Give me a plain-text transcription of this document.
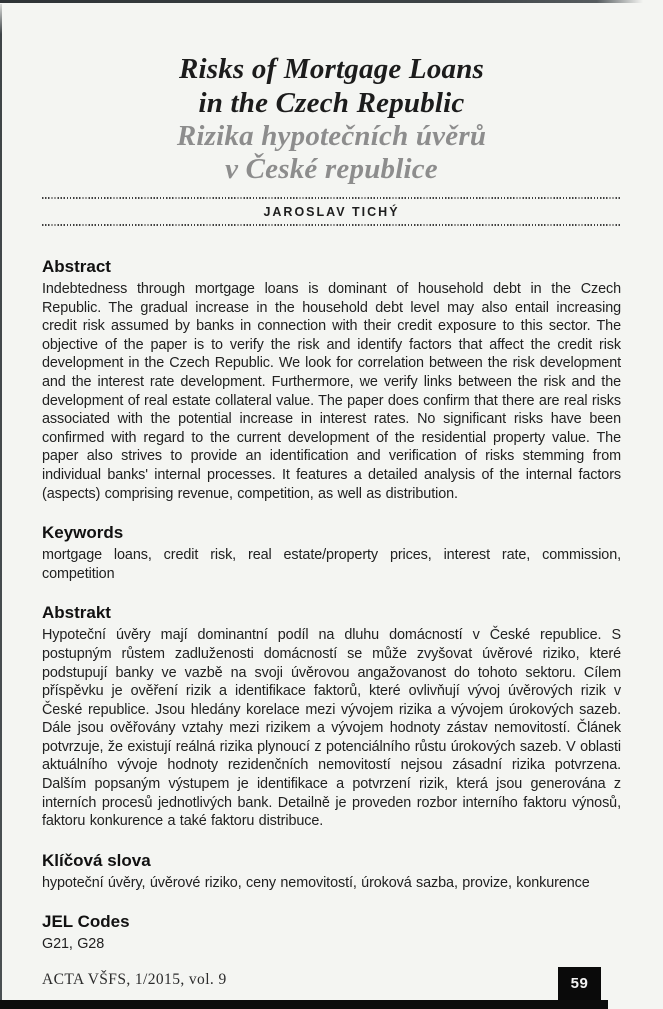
Risks of Mortgage Loans
in the Czech Republic
Rizika hypotečních úvěrů
v České republice
JAROSLAV TICHÝ
Abstract
Indebtedness through mortgage loans is dominant of household debt in the Czech Republic. The gradual increase in the household debt level may also entail increasing credit risk assumed by banks in connection with their credit exposure to this sector. The objective of the paper is to verify the risk and identify factors that affect the credit risk development in the Czech Republic. We look for correlation between the risk development and the interest rate development. Furthermore, we verify links between the risk and the development of real estate collateral value. The paper does confirm that there are real risks associated with the potential increase in interest rates. No significant risks have been confirmed with regard to the current development of the residential property value. The paper also strives to provide an identification and verification of risks stemming from individual banks' internal processes. It features a detailed analysis of the internal factors (aspects) comprising revenue, competition, as well as distribution.
Keywords
mortgage loans, credit risk, real estate/property prices, interest rate, commission, competition
Abstrakt
Hypoteční úvěry mají dominantní podíl na dluhu domácností v České republice. S postupným růstem zadluženosti domácností se může zvyšovat úvěrové riziko, které podstupují banky ve vazbě na svoji úvěrovou angažovanost do tohoto sektoru. Cílem příspěvku je ověření rizik a identifikace faktorů, které ovlivňují vývoj úvěrových rizik v České republice. Jsou hledány korelace mezi vývojem rizika a vývojem úrokových sazeb. Dále jsou ověřovány vztahy mezi rizikem a vývojem hodnoty zástav nemovitostí. Článek potvrzuje, že existují reálná rizika plynoucí z potenciálního růstu úrokových sazeb. V oblasti aktuálního vývoje hodnoty rezidenčních nemovitostí nejsou zásadní rizika potvrzena. Dalším popsaným výstupem je identifikace a potvrzení rizik, která jsou generována z interních procesů jednotlivých bank. Detailně je proveden rozbor interního faktoru výnosů, faktoru konkurence a také faktoru distribuce.
Klíčová slova
hypoteční úvěry, úvěrové riziko, ceny nemovitostí, úroková sazba, provize, konkurence
JEL Codes
G21, G28
ACTA VŠFS, 1/2015, vol. 9	59
